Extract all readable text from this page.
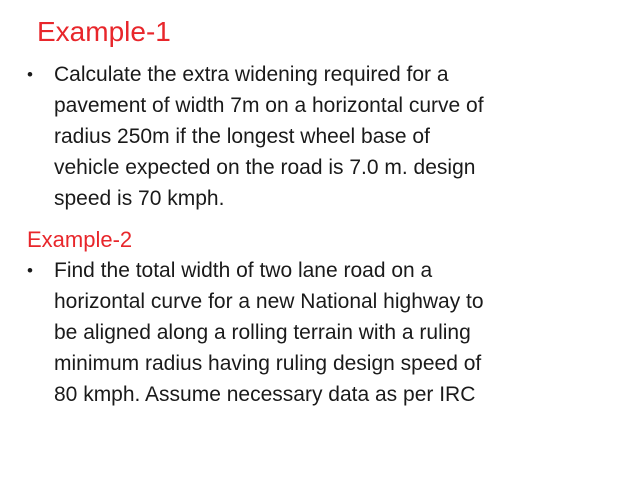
Example-1
• Calculate the extra widening required for a
pavement of width 7m on a horizontal curve of
radius 250m if the longest wheel base of
vehicle expected on the road is 7.0 m. design
speed is 70 kmph.
Example-2
• Find the total width of two lane road on a
horizontal curve for a new National highway to
be aligned along a rolling terrain with a ruling
minimum radius having ruling design speed of
80 kmph. Assume necessary data as per IRC
